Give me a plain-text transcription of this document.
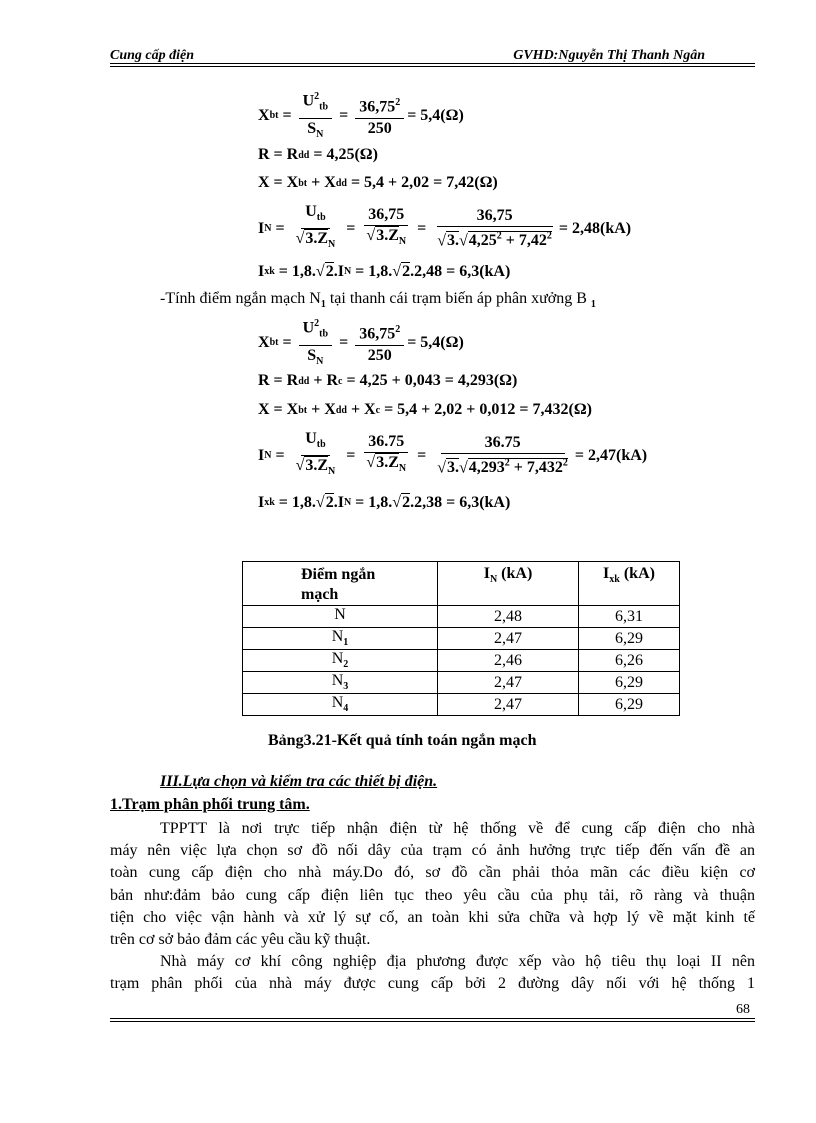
Cung cấp điện	GVHD:Nguyễn Thị Thanh Ngân
X bt = $\frac{U^2_{tb}}{S_N} = \frac{36,75^2}{250} = 5,4(\Omega)$
R = R dd
= 4,25(Ω)
X = X bt
+ X dd
= 5,4 + 2,02 = 7,42(Ω)
I $N = \frac{U_{tb}}{√3.Z_N} = \frac{36,75}{√3.Z_N} = \frac{36,75}{√3.√4,25^2 + 7,42^2} = 2,48(kA)$
I xk
= 1,8. √ 2 .I N
= 1,8. √ 2 .2,48 = 6,3(kA)
-Tính điểm ngắn mạch $N_1$ tại thanh cái trạm biến áp phân xưởng B $_1$
X bt = $\frac{U^2_{tb}}{S_N} = \frac{36,75^2}{250} = 5,4(\Omega)$
R = R dd
+ R c
= 4,25 + 0,043 = 4,293(Ω)
X = X bt
+ X dd
+ X c
= 5,4 + 2,02 + 0,012 = 7,432(Ω)
I $N = \frac{U_{tb}}{√3.Z_N} = \frac{36.75}{√3.Z_N} = \frac{36.75}{√3.√4,293^2 + 7,432^2} = 2,47(kA)$
I xk
= 1,8. √ 2 .I N
= 1,8. √ 2 .2,38 = 6,3(kA)
Điểm ngắn
mạch	$I_N$ (kA)	$I_{xk}$ (kA)
N	2,48	6,31
$N_1$	2,47	6,29
$N_2$	2,46	6,26
$N_3$	2,47	6,29
$N_4$	2,47	6,29
Bảng3.21-Kết quả tính toán ngắn mạch
III.Lựa chọn và kiểm tra các thiết bị điện.
1.Trạm phân phối trung tâm.
TPPTT là nơi trực tiếp nhận điện từ hệ thống về để cung cấp điện cho nhà
máy nên việc lựa chọn sơ đồ nối dây của trạm có ảnh hưởng trực tiếp đến vấn đề an
toàn cung cấp điện cho nhà máy.Do đó, sơ đồ cần phải thỏa mãn các điều kiện cơ
bản như:đảm bảo cung cấp điện liên tục theo yêu cầu của phụ tải, rõ ràng và thuận
tiện cho việc vận hành và xử lý sự cố, an toàn khi sửa chữa và hợp lý về mặt kinh tế
trên cơ sở bảo đảm các yêu cầu kỹ thuật.
Nhà máy cơ khí công nghiệp địa phương được xếp vào hộ tiêu thụ loại II nên
trạm phân phối của nhà máy được cung cấp bởi 2 đường dây nối với hệ thống 1
68
